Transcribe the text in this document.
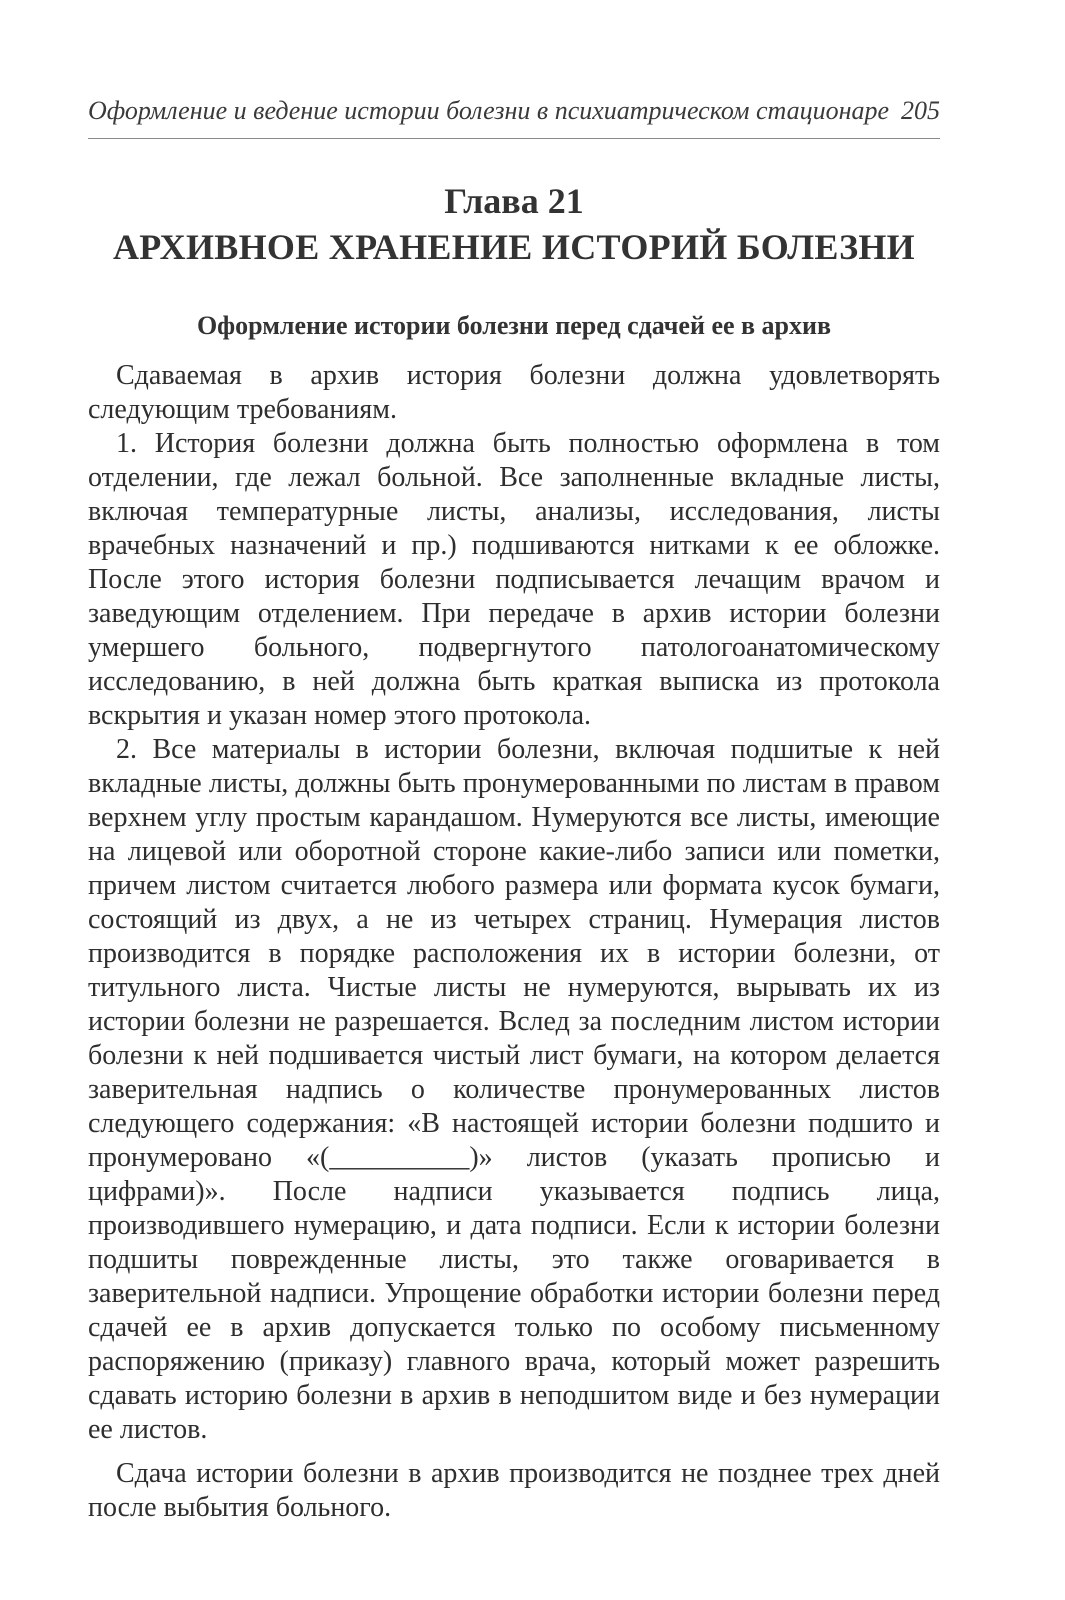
Оформление и ведение истории болезни в психиатрическом стационаре 205
Глава 21
АРХИВНОЕ ХРАНЕНИЕ ИСТОРИЙ БОЛЕЗНИ
Оформление истории болезни перед сдачей ее в архив

Сдаваемая в архив история болезни должна удовлетворять следующим требованиям.

1. История болезни должна быть полностью оформлена в том отделении, где лежал больной. Все заполненные вкладные листы, включая температурные листы, анализы, исследования, листы врачебных назначений и пр.) подшиваются нитками к ее обложке. После этого история болезни подписывается лечащим врачом и заведующим отделением. При передаче в архив истории болезни умершего больного, подвергнутого патологоанатомическому исследованию, в ней должна быть краткая выписка из протокола вскрытия и указан номер этого протокола.

2. Все материалы в истории болезни, включая подшитые к ней вкладные листы, должны быть пронумерованными по листам в правом верхнем углу простым карандашом. Нумеруются все листы, имеющие на лицевой или оборотной стороне какие-либо записи или пометки, причем листом считается любого размера или формата кусок бумаги, состоящий из двух, а не из четырех страниц. Нумерация листов производится в порядке расположения их в истории болезни, от титульного листа. Чистые листы не нумеруются, вырывать их из истории болезни не разрешается. Вслед за последним листом истории болезни к ней подшивается чистый лист бумаги, на котором делается заверительная надпись о количестве пронумерованных листов следующего содержания: «В настоящей истории болезни подшито и пронумеровано «(__________)» листов (указать прописью и цифрами)». После надписи указывается подпись лица, производившего нумерацию, и дата подписи. Если к истории болезни подшиты поврежденные листы, это также оговаривается в заверительной надписи. Упрощение обработки истории болезни перед сдачей ее в архив допускается только по особому письменному распоряжению (приказу) главного врача, который может разрешить сдавать историю болезни в архив в неподшитом виде и без нумерации ее листов.

Сдача истории болезни в архив производится не позднее трех дней после выбытия больного.
